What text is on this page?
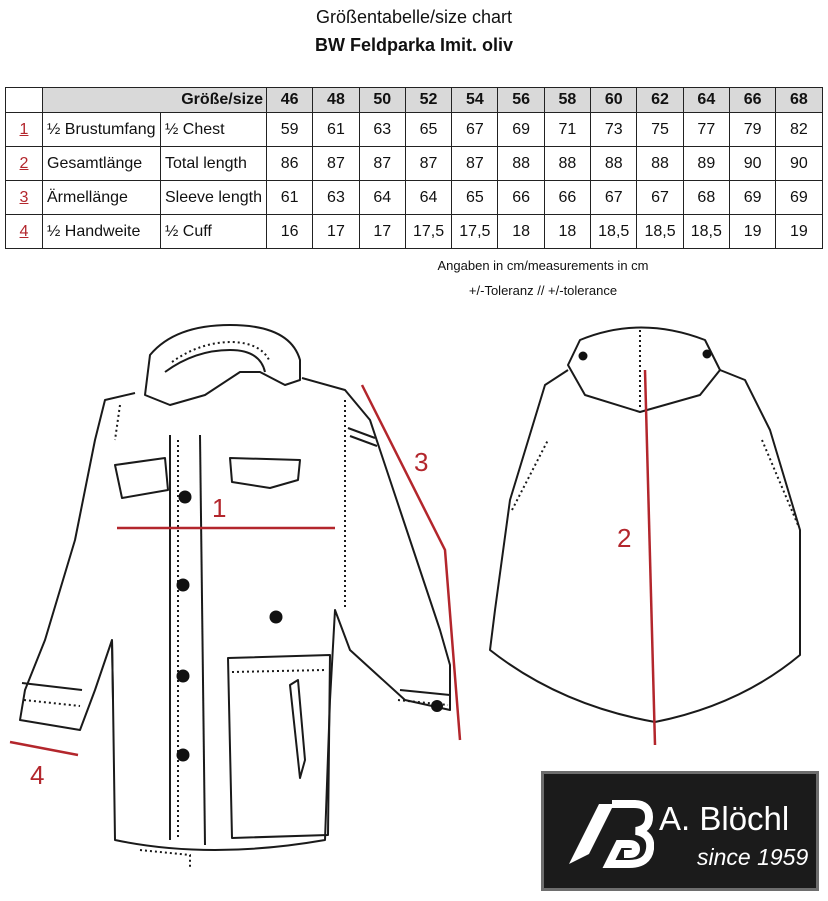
Größentabelle/size chart
BW Feldparka Imit. oliv
	Größe/size		46	48	50	52	54	56	58	60	62	64	66	68
1	½ Brustumfang	½ Chest	59	61	63	65	67	69	71	73	75	77	79	82
2	Gesamtlänge	Total length	86	87	87	87	87	88	88	88	88	89	90	90
3	Ärmellänge	Sleeve length	61	63	64	64	65	66	66	67	67	68	69	69
4	½ Handweite	½ Cuff	16	17	17	17,5	17,5	18	18	18,5	18,5	18,5	19	19
Angaben in cm/measurements in cm
+/-Toleranz // +/-tolerance
1
2
3
4
A. Blöchl
since 1959
